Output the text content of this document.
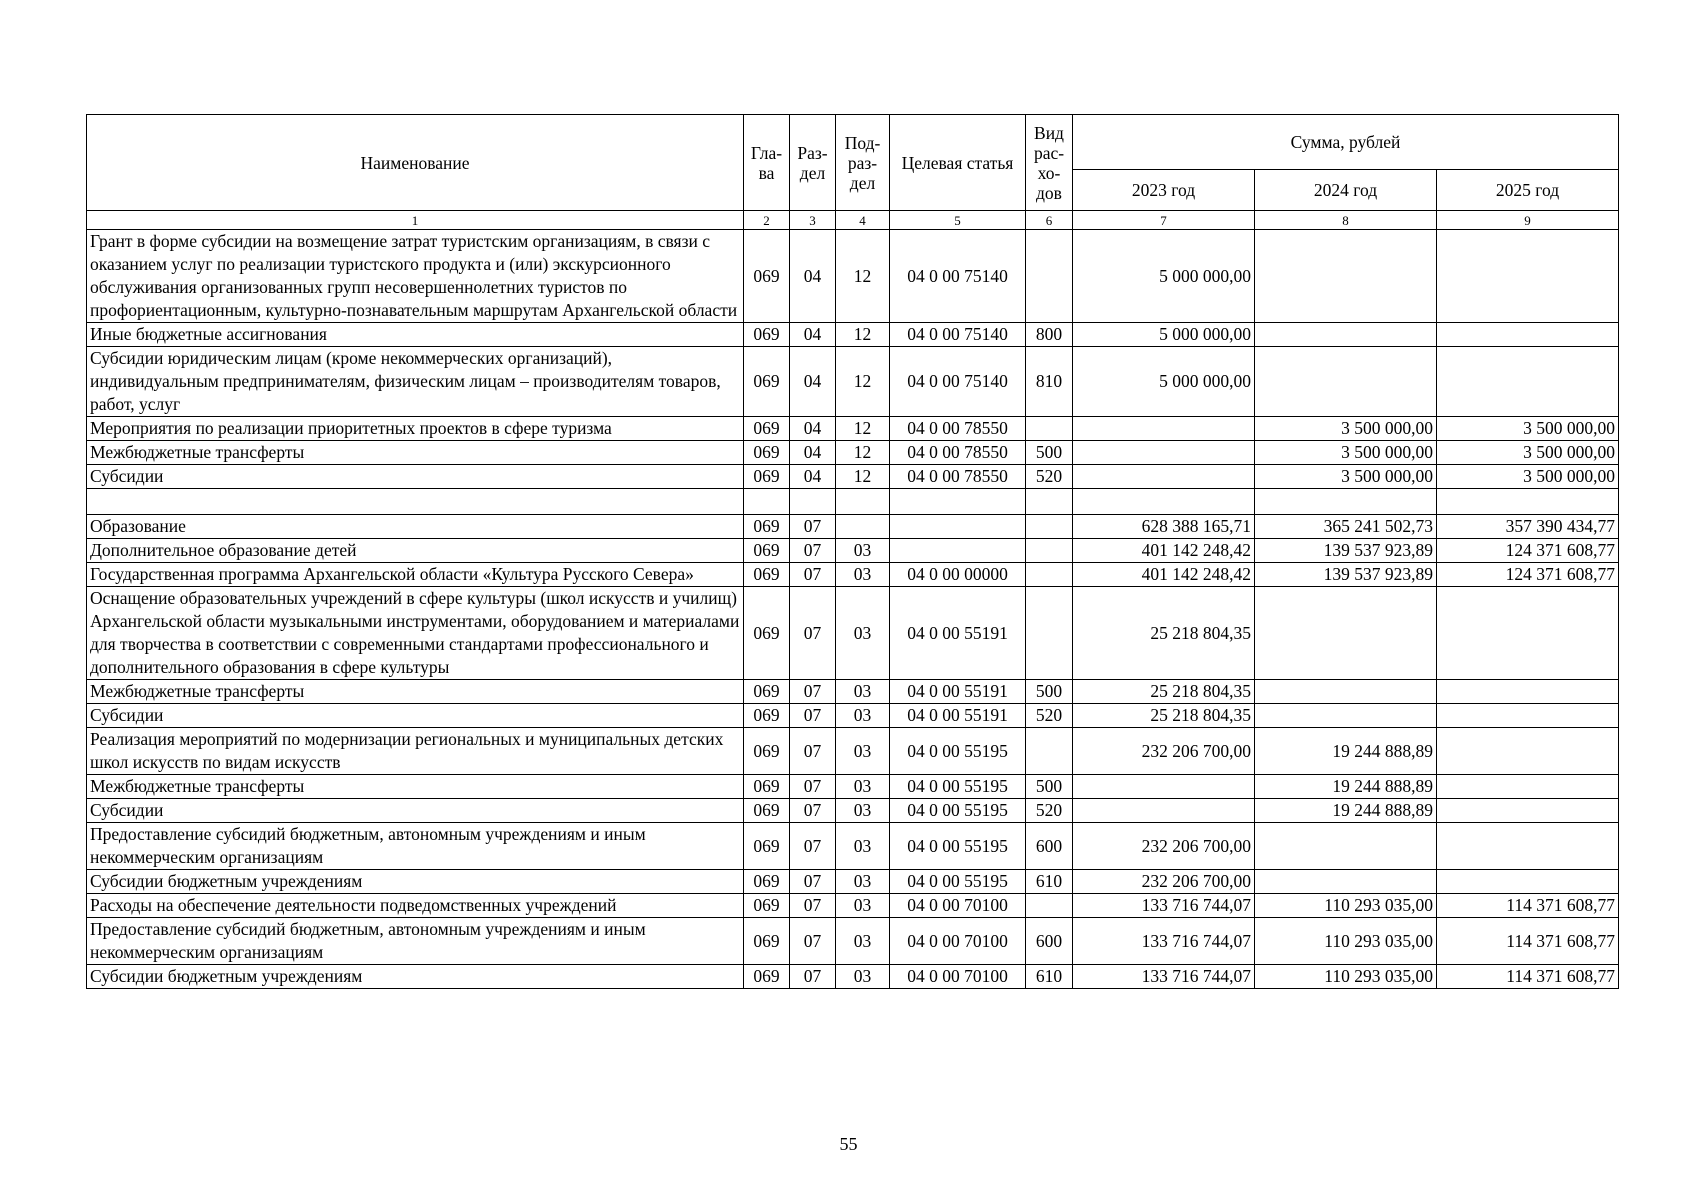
Наименование	Гла-ва	Раз-дел	Под-раз-дел	Целевая статья	Вид рас-хо-дов	Сумма, рублей		
						2023 год	2024 год	2025 год
1	2	3	4	5	6	7	8	9
Грант в форме субсидии на возмещение затрат туристским организациям, в связи с оказанием услуг по реализации туристского продукта и (или) экскурсионного обслуживания организованных групп несовершеннолетних туристов по профориентационным, культурно-познавательным маршрутам Архангельской области	069	04	12	04 0 00 75140		5 000 000,00		
Иные бюджетные ассигнования	069	04	12	04 0 00 75140	800	5 000 000,00		
Субсидии юридическим лицам (кроме некоммерческих организаций), индивидуальным предпринимателям, физическим лицам – производителям товаров, работ, услуг	069	04	12	04 0 00 75140	810	5 000 000,00		
Мероприятия по реализации приоритетных проектов в сфере туризма	069	04	12	04 0 00 78550			3 500 000,00	3 500 000,00
Межбюджетные трансферты	069	04	12	04 0 00 78550	500		3 500 000,00	3 500 000,00
Субсидии	069	04	12	04 0 00 78550	520		3 500 000,00	3 500 000,00

Образование	069	07				628 388 165,71	365 241 502,73	357 390 434,77
Дополнительное образование детей	069	07	03			401 142 248,42	139 537 923,89	124 371 608,77
Государственная программа Архангельской области «Культура Русского Севера»	069	07	03	04 0 00 00000		401 142 248,42	139 537 923,89	124 371 608,77
Оснащение образовательных учреждений в сфере культуры (школ искусств и училищ) Архангельской области музыкальными инструментами, оборудованием и материалами для творчества в соответствии с современными стандартами профессионального и дополнительного образования в сфере культуры	069	07	03	04 0 00 55191		25 218 804,35		
Межбюджетные трансферты	069	07	03	04 0 00 55191	500	25 218 804,35		
Субсидии	069	07	03	04 0 00 55191	520	25 218 804,35		
Реализация мероприятий по модернизации региональных и муниципальных детских школ искусств по видам искусств	069	07	03	04 0 00 55195		232 206 700,00	19 244 888,89	
Межбюджетные трансферты	069	07	03	04 0 00 55195	500		19 244 888,89	
Субсидии	069	07	03	04 0 00 55195	520		19 244 888,89	
Предоставление субсидий бюджетным, автономным учреждениям и иным некоммерческим организациям	069	07	03	04 0 00 55195	600	232 206 700,00		
Субсидии бюджетным учреждениям	069	07	03	04 0 00 55195	610	232 206 700,00		
Расходы на обеспечение деятельности подведомственных учреждений	069	07	03	04 0 00 70100		133 716 744,07	110 293 035,00	114 371 608,77
Предоставление субсидий бюджетным, автономным учреждениям и иным некоммерческим организациям	069	07	03	04 0 00 70100	600	133 716 744,07	110 293 035,00	114 371 608,77
Субсидии бюджетным учреждениям	069	07	03	04 0 00 70100	610	133 716 744,07	110 293 035,00	114 371 608,77
55
